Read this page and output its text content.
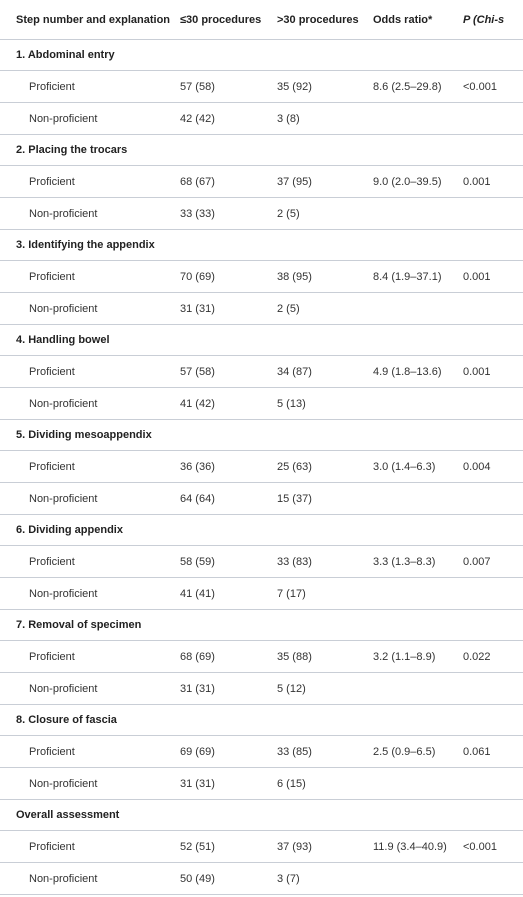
Step number and explanation	≤30 procedures	>30 procedures	Odds ratio*	P (Chi-s
1. Abdominal entry				
Proficient	57 (58)	35 (92)	8.6 (2.5–29.8)	<0.001
Non-proficient	42 (42)	3 (8)		
2. Placing the trocars				
Proficient	68 (67)	37 (95)	9.0 (2.0–39.5)	0.001
Non-proficient	33 (33)	2 (5)		
3. Identifying the appendix				
Proficient	70 (69)	38 (95)	8.4 (1.9–37.1)	0.001
Non-proficient	31 (31)	2 (5)		
4. Handling bowel				
Proficient	57 (58)	34 (87)	4.9 (1.8–13.6)	0.001
Non-proficient	41 (42)	5 (13)		
5. Dividing mesoappendix				
Proficient	36 (36)	25 (63)	3.0 (1.4–6.3)	0.004
Non-proficient	64 (64)	15 (37)		
6. Dividing appendix				
Proficient	58 (59)	33 (83)	3.3 (1.3–8.3)	0.007
Non-proficient	41 (41)	7 (17)		
7. Removal of specimen				
Proficient	68 (69)	35 (88)	3.2 (1.1–8.9)	0.022
Non-proficient	31 (31)	5 (12)		
8. Closure of fascia				
Proficient	69 (69)	33 (85)	2.5 (0.9–6.5)	0.061
Non-proficient	31 (31)	6 (15)		
Overall assessment				
Proficient	52 (51)	37 (93)	11.9 (3.4–40.9)	<0.001
Non-proficient	50 (49)	3 (7)		
